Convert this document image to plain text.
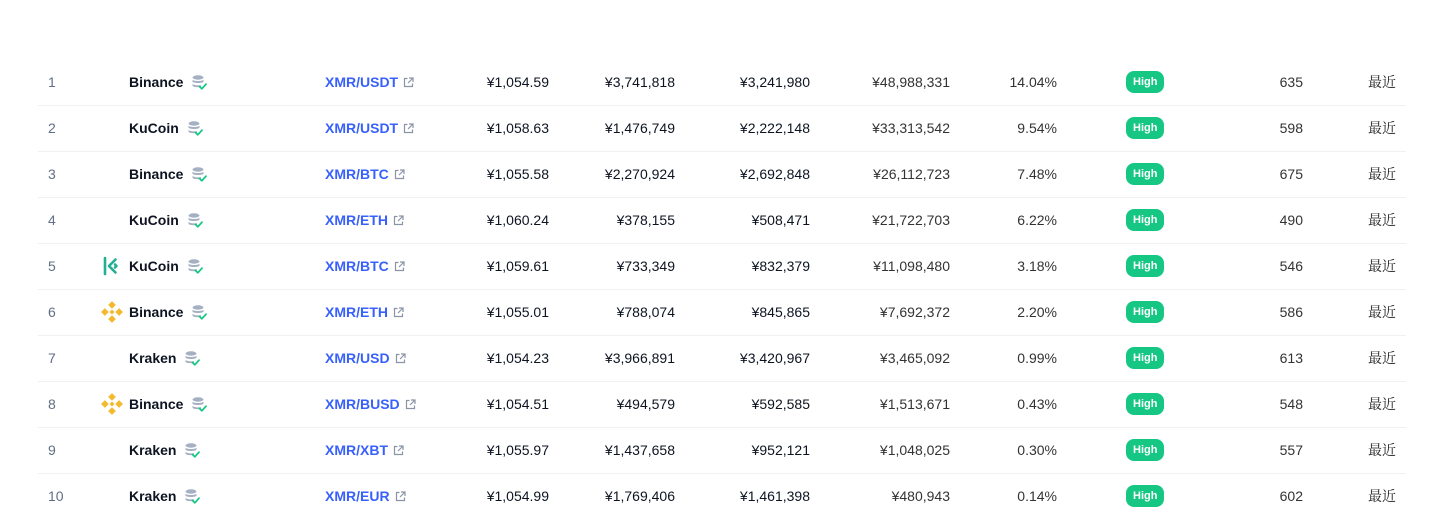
1	Binance	XMR/USDT	¥1,054.59	¥3,741,818	¥3,241,980	¥48,988,331	14.04%	High	635	最近
2	KuCoin	XMR/USDT	¥1,058.63	¥1,476,749	¥2,222,148	¥33,313,542	9.54%	High	598	最近
3	Binance	XMR/BTC	¥1,055.58	¥2,270,924	¥2,692,848	¥26,112,723	7.48%	High	675	最近
4	KuCoin	XMR/ETH	¥1,060.24	¥378,155	¥508,471	¥21,722,703	6.22%	High	490	最近
5	KuCoin	XMR/BTC	¥1,059.61	¥733,349	¥832,379	¥11,098,480	3.18%	High	546	最近
6	Binance	XMR/ETH	¥1,055.01	¥788,074	¥845,865	¥7,692,372	2.20%	High	586	最近
7	Kraken	XMR/USD	¥1,054.23	¥3,966,891	¥3,420,967	¥3,465,092	0.99%	High	613	最近
8	Binance	XMR/BUSD	¥1,054.51	¥494,579	¥592,585	¥1,513,671	0.43%	High	548	最近
9	Kraken	XMR/XBT	¥1,055.97	¥1,437,658	¥952,121	¥1,048,025	0.30%	High	557	最近
10	Kraken	XMR/EUR	¥1,054.99	¥1,769,406	¥1,461,398	¥480,943	0.14%	High	602	最近
